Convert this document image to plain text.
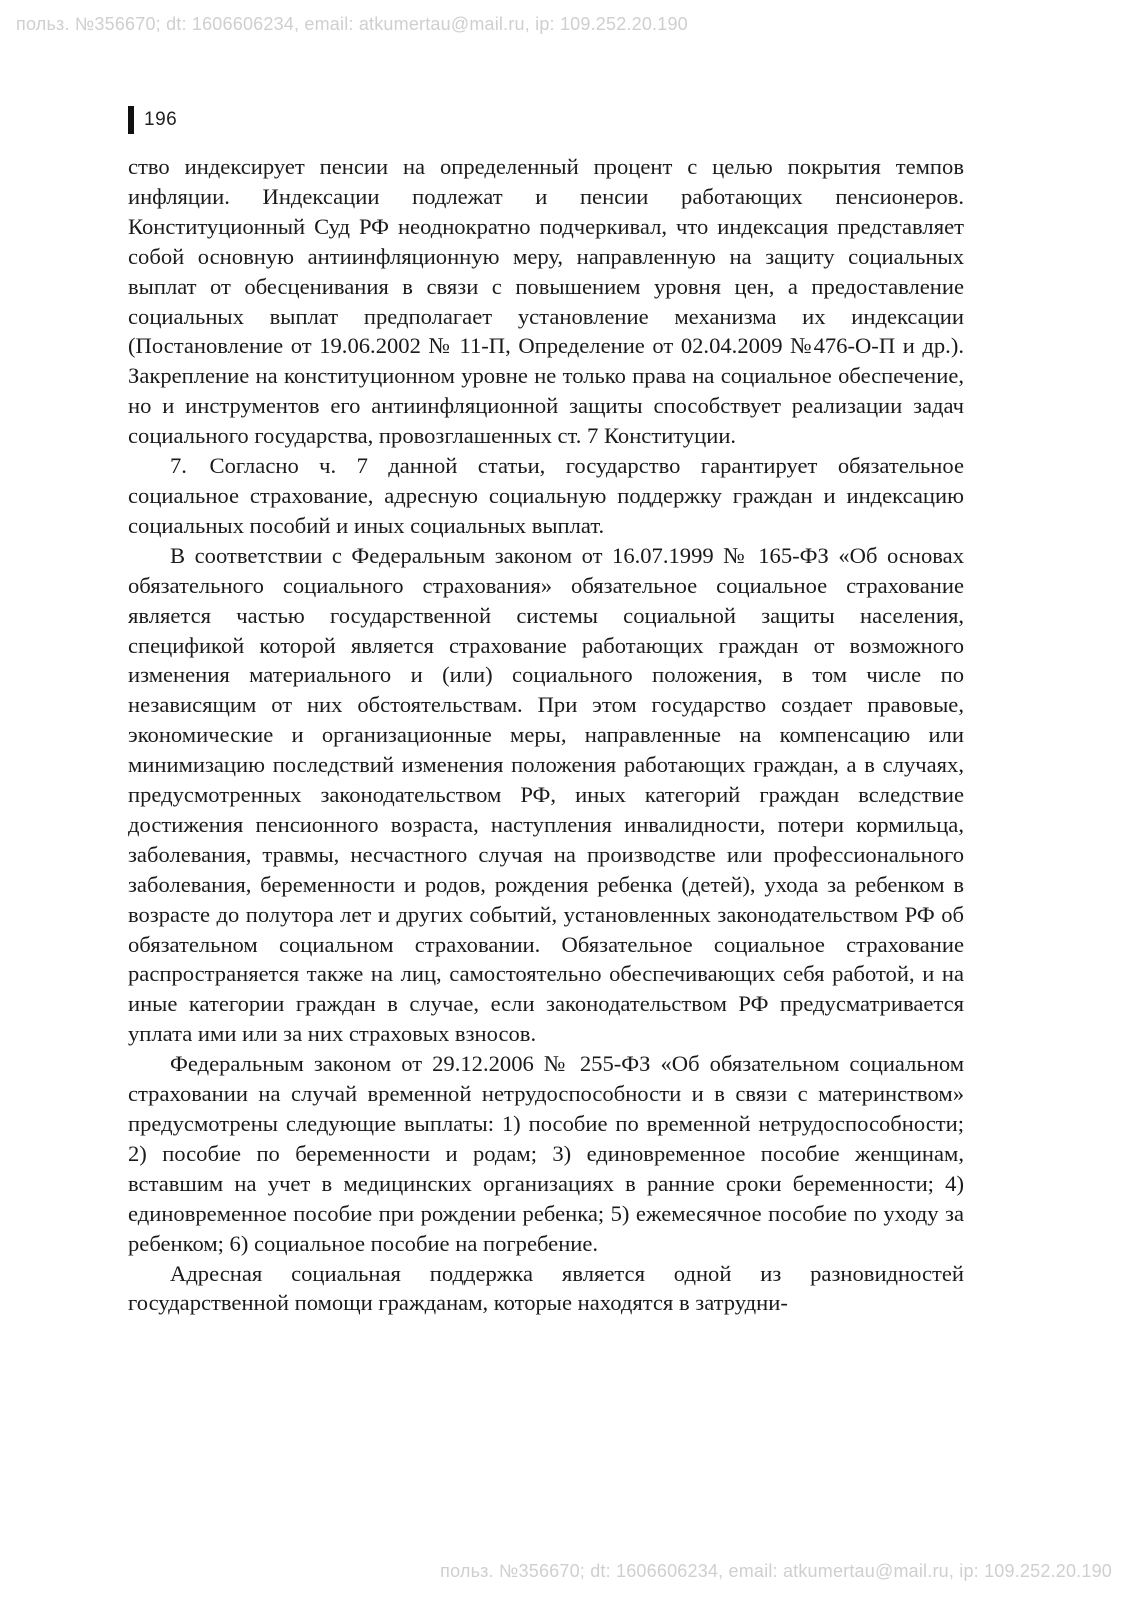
польз. №356670; dt: 1606606234, email: atkumertau@mail.ru, ip: 109.252.20.190
196

ство индексирует пенсии на определенный процент с целью покрытия темпов инфляции. Индексации подлежат и пенсии работающих пенсионеров. Конституционный Суд РФ неоднократно подчеркивал, что индексация представляет собой основную антиинфляционную меру, направленную на защиту социальных выплат от обесценивания в связи с повышением уровня цен, а предоставление социальных выплат предполагает установление механизма их индексации (Постановление от 19.06.2002 № 11-П, Определение от 02.04.2009 №476-О-П и др.). Закрепление на конституционном уровне не только права на социальное обеспечение, но и инструментов его антиинфляционной защиты способствует реализации задач социального государства, провозглашенных ст. 7 Конституции.

7. Согласно ч. 7 данной статьи, государство гарантирует обязательное социальное страхование, адресную социальную поддержку граждан и индексацию социальных пособий и иных социальных выплат.

В соответствии с Федеральным законом от 16.07.1999 № 165-ФЗ «Об основах обязательного социального страхования» обязательное социальное страхование является частью государственной системы социальной защиты населения, спецификой которой является страхование работающих граждан от возможного изменения материального и (или) социального положения, в том числе по независящим от них обстоятельствам. При этом государство создает правовые, экономические и организационные меры, направленные на компенсацию или минимизацию последствий изменения положения работающих граждан, а в случаях, предусмотренных законодательством РФ, иных категорий граждан вследствие достижения пенсионного возраста, наступления инвалидности, потери кормильца, заболевания, травмы, несчастного случая на производстве или профессионального заболевания, беременности и родов, рождения ребенка (детей), ухода за ребенком в возрасте до полутора лет и других событий, установленных законодательством РФ об обязательном социальном страховании. Обязательное социальное страхование распространяется также на лиц, самостоятельно обеспечивающих себя работой, и на иные категории граждан в случае, если законодательством РФ предусматривается уплата ими или за них страховых взносов.

Федеральным законом от 29.12.2006 № 255-ФЗ «Об обязательном социальном страховании на случай временной нетрудоспособности и в связи с материнством» предусмотрены следующие выплаты: 1) пособие по временной нетрудоспособности; 2) пособие по беременности и родам; 3) единовременное пособие женщинам, вставшим на учет в медицинских организациях в ранние сроки беременности; 4) единовременное пособие при рождении ребенка; 5) ежемесячное пособие по уходу за ребенком; 6) социальное пособие на погребение.

Адресная социальная поддержка является одной из разновидностей государственной помощи гражданам, которые находятся в затрудни-

польз. №356670; dt: 1606606234, email: atkumertau@mail.ru, ip: 109.252.20.190
